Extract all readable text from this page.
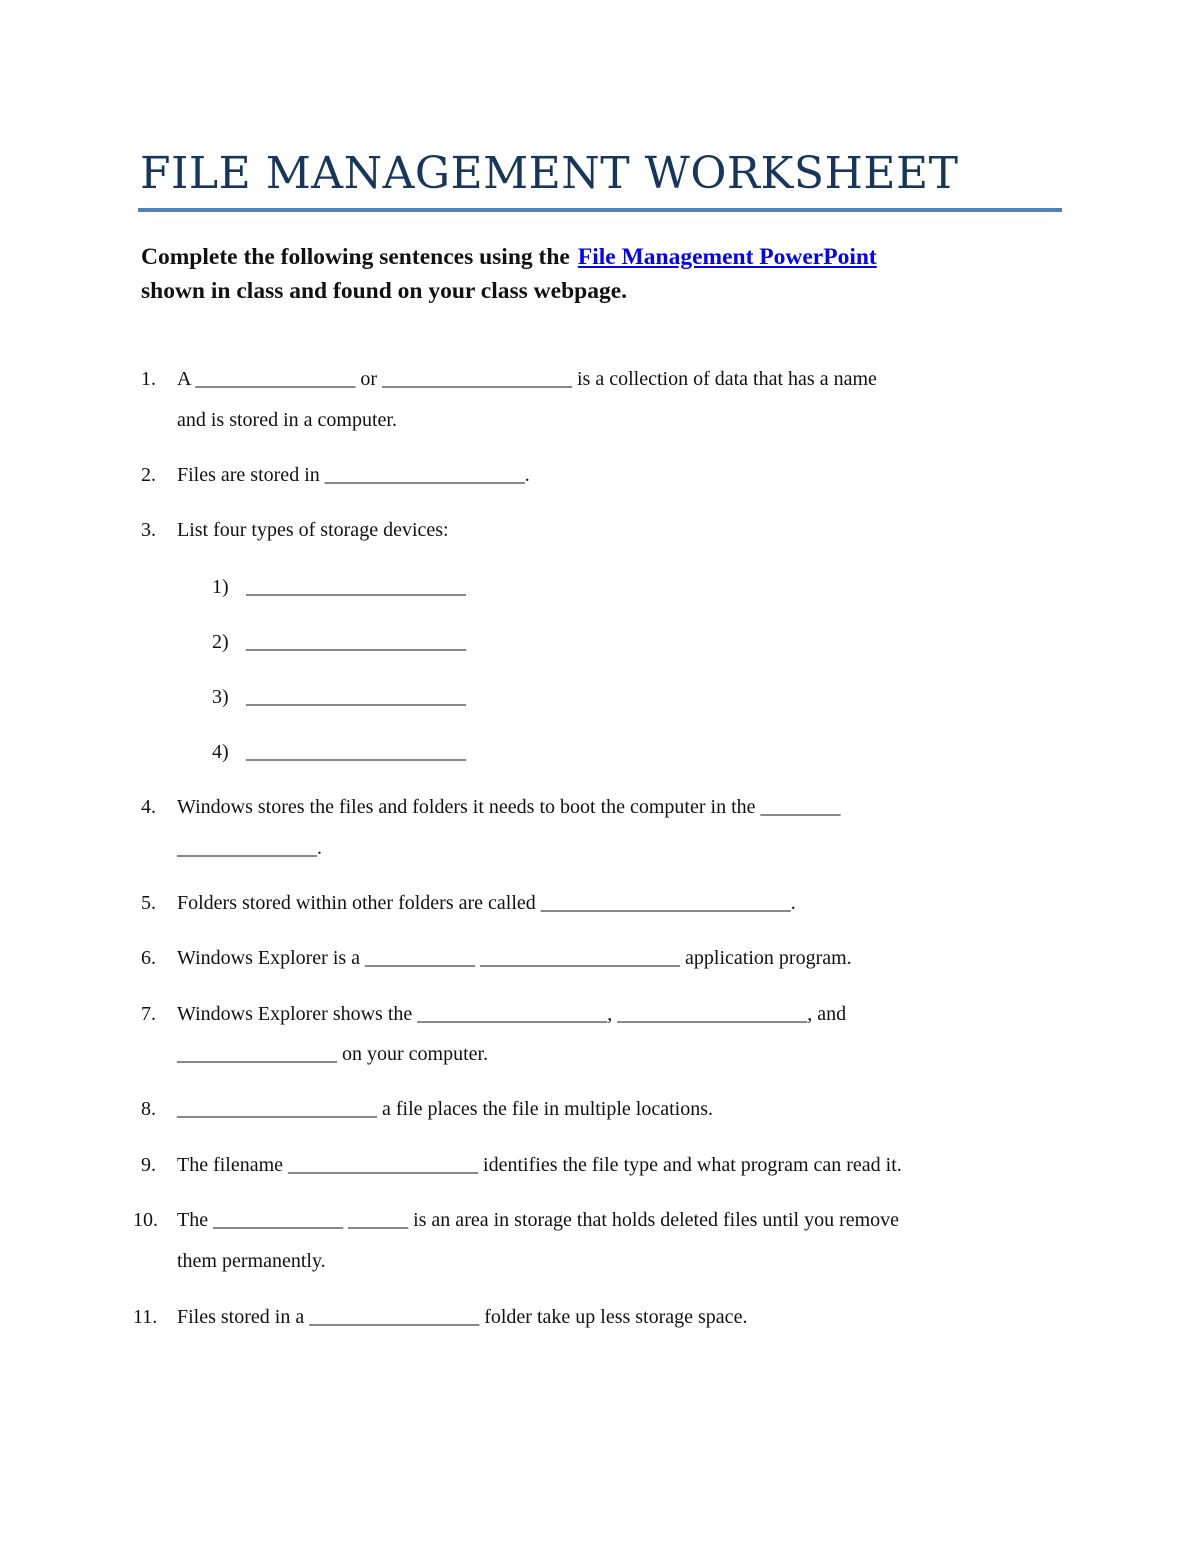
FILE MANAGEMENT WORKSHEET

Complete the following sentences using the File Management PowerPoint
shown in class and found on your class webpage.

1. A ________________ or ___________________ is a collection of data that has a name
and is stored in a computer.
2. Files are stored in ____________________.
3. List four types of storage devices:
1) ______________________
2) ______________________
3) ______________________
4) ______________________
4. Windows stores the files and folders it needs to boot the computer in the ________
______________.
5. Folders stored within other folders are called _________________________.
6. Windows Explorer is a ___________ ____________________ application program.
7. Windows Explorer shows the ___________________, ___________________, and
________________ on your computer.
8. ____________________ a file places the file in multiple locations.
9. The filename ___________________ identifies the file type and what program can read it.
10. The _____________ ______ is an area in storage that holds deleted files until you remove
them permanently.
11. Files stored in a _________________ folder take up less storage space.
